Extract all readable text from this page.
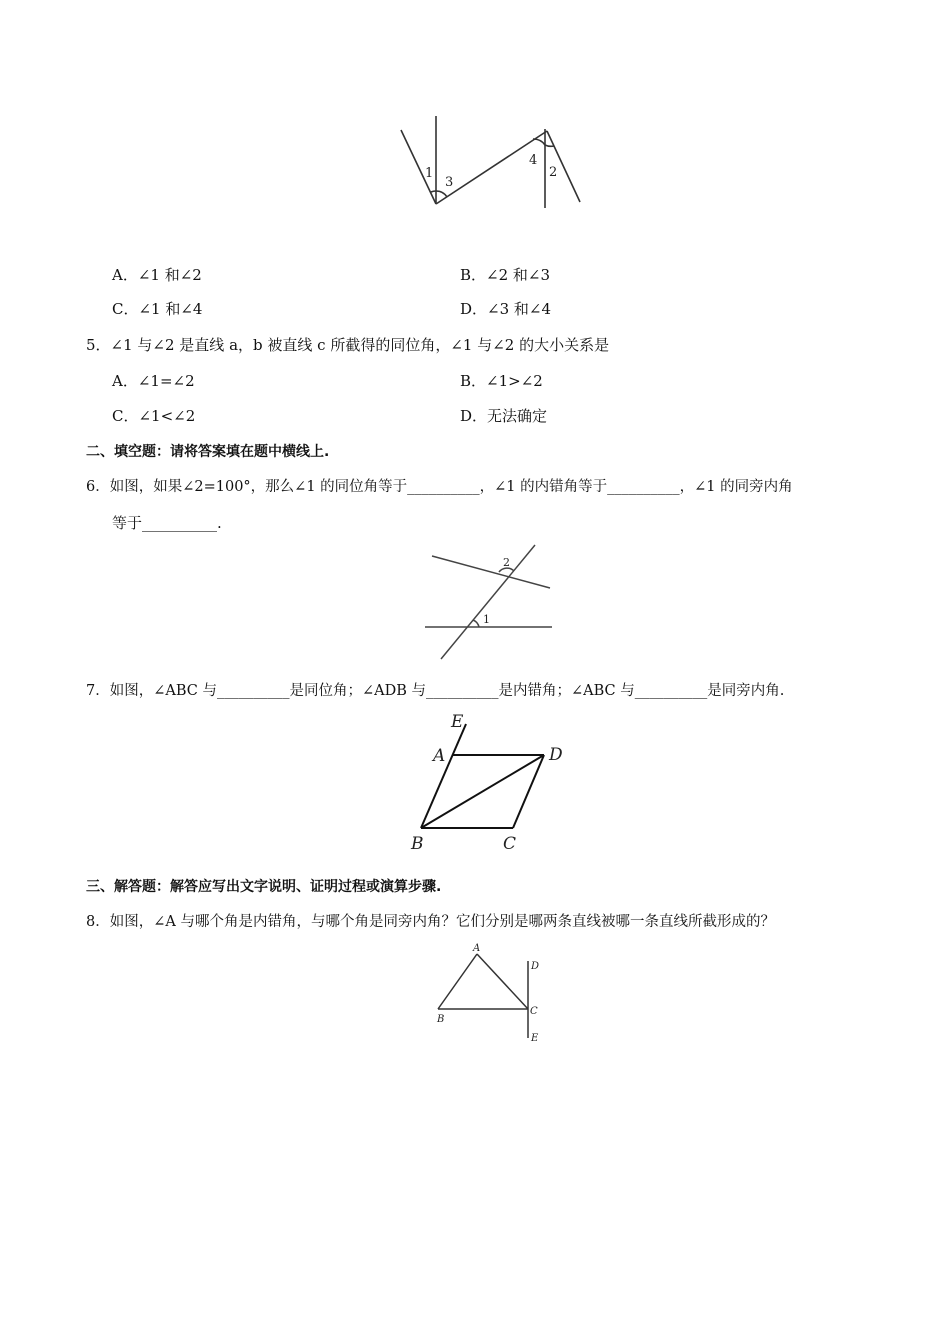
1
3
4
2
A．∠1 和∠2	B．∠2 和∠3
C．∠1 和∠4	D．∠3 和∠4
5．∠1 与∠2 是直线 a，b 被直线 c 所截得的同位角，∠1 与∠2 的大小关系是
A．∠1=∠2	B．∠1>∠2
C．∠1<∠2	D．无法确定
二、填空题：请将答案填在题中横线上.
6．如图，如果∠2=100°，那么∠1 的同位角等于__________，∠1 的内错角等于__________，∠1 的同旁内角
等于__________.
2
1
7．如图，∠ABC 与__________是同位角；∠ADB 与__________是内错角；∠ABC 与__________是同旁内角.
E
A	D
B	C
三、解答题：解答应写出文字说明、证明过程或演算步骤.
8．如图，∠A 与哪个角是内错角，与哪个角是同旁内角？它们分别是哪两条直线被哪一条直线所截形成的？
A
D
B
C
E
